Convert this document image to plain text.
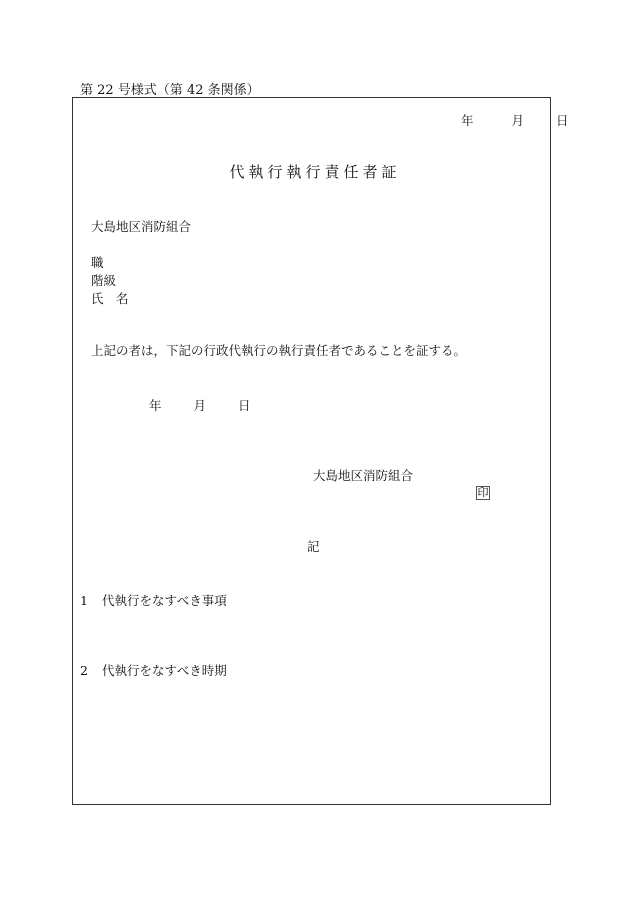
第 22 号様式（第 42 条関係）
年	月	日
代執行執行責任者証
大島地区消防組合
職
階級
氏　名
上記の者は，下記の行政代執行の執行責任者であることを証する。
年	月	日
大島地区消防組合
印
記
1 代執行をなすべき事項
2 代執行をなすべき時期
